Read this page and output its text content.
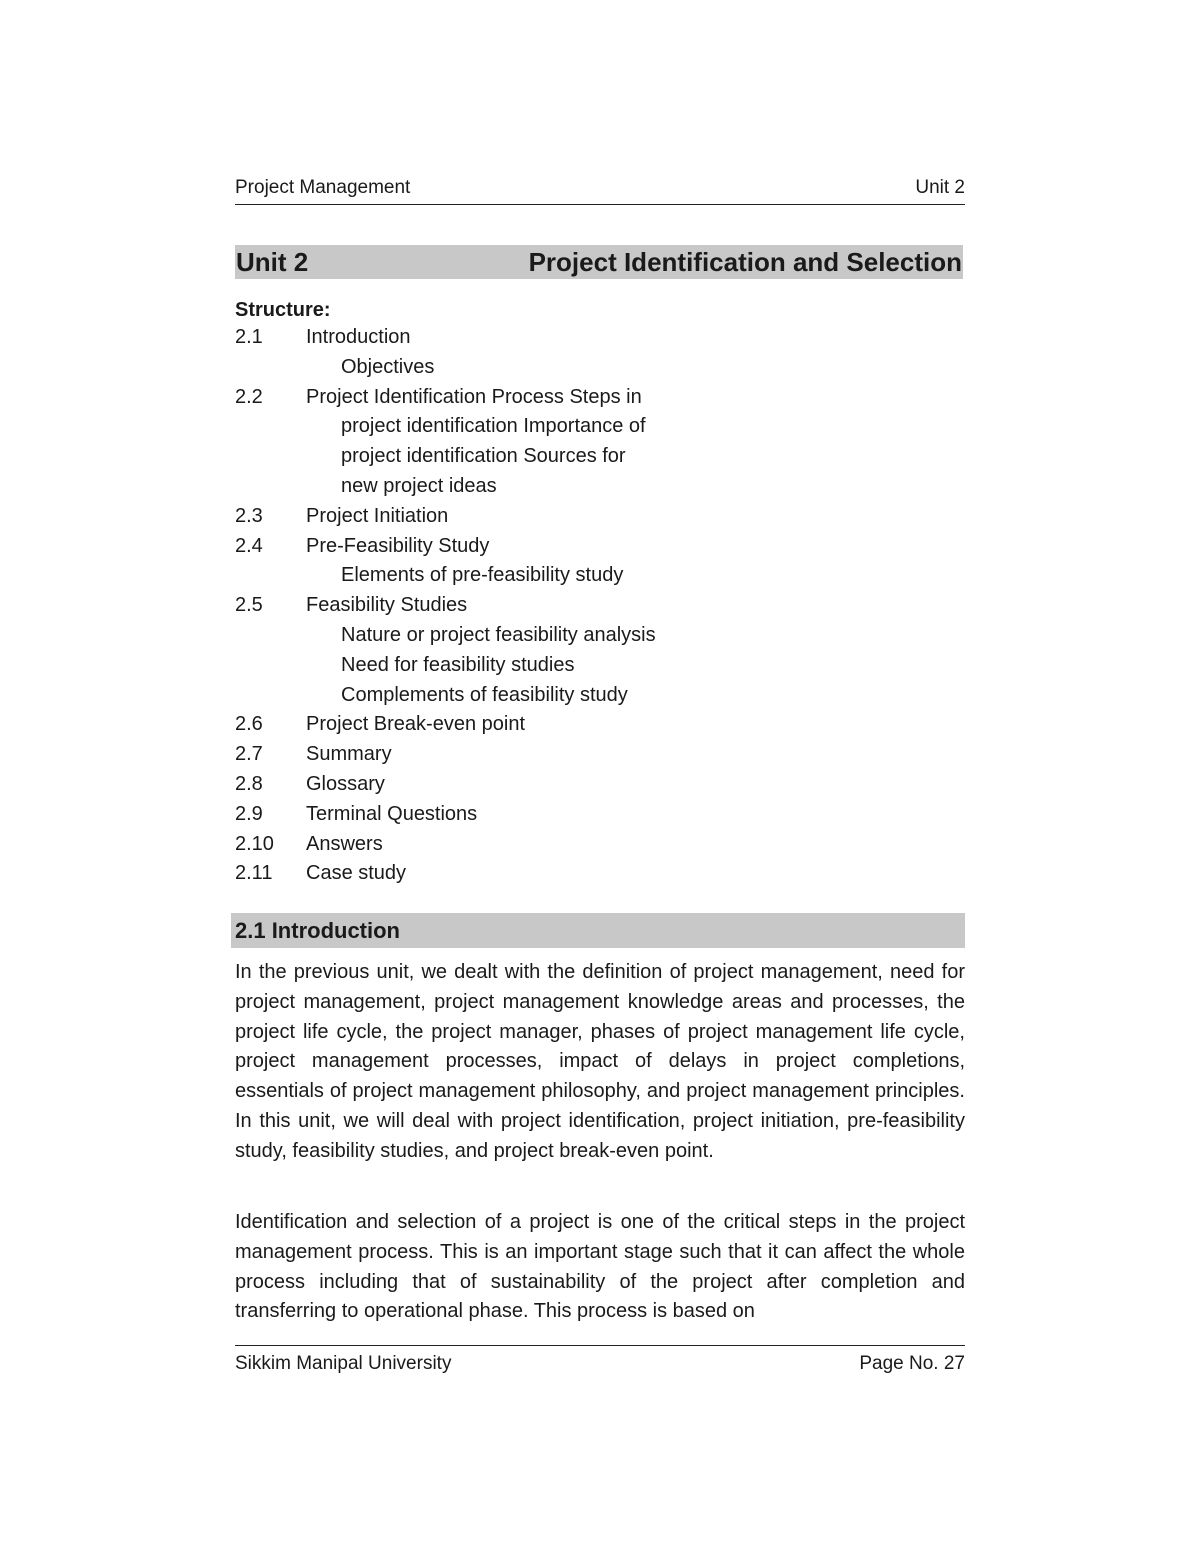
Project Management	Unit 2
Unit 2	Project Identification and Selection

Structure:

2.1	Introduction
Objectives
2.2	Project Identification Process Steps in
project identification Importance of
project identification Sources for
new project ideas
2.3	Project Initiation
2.4	Pre-Feasibility Study
Elements of pre-feasibility study
2.5	Feasibility Studies
Nature or project feasibility analysis
Need for feasibility studies
Complements of feasibility study
2.6	Project Break-even point
2.7	Summary
2.8	Glossary
2.9	Terminal Questions
2.10	Answers
2.11	Case study
2.1 Introduction

In the previous unit, we dealt with the definition of project management, need for project management, project management knowledge areas and processes, the project life cycle, the project manager, phases of project management life cycle, project management processes, impact of delays in project completions, essentials of project management philosophy, and project management principles. In this unit, we will deal with project identification, project initiation, pre-feasibility study, feasibility studies, and project break-even point.

Identification and selection of a project is one of the critical steps in the project management process. This is an important stage such that it can affect the whole process including that of sustainability of the project after completion and transferring to operational phase. This process is based on

Sikkim Manipal University	Page No. 27
